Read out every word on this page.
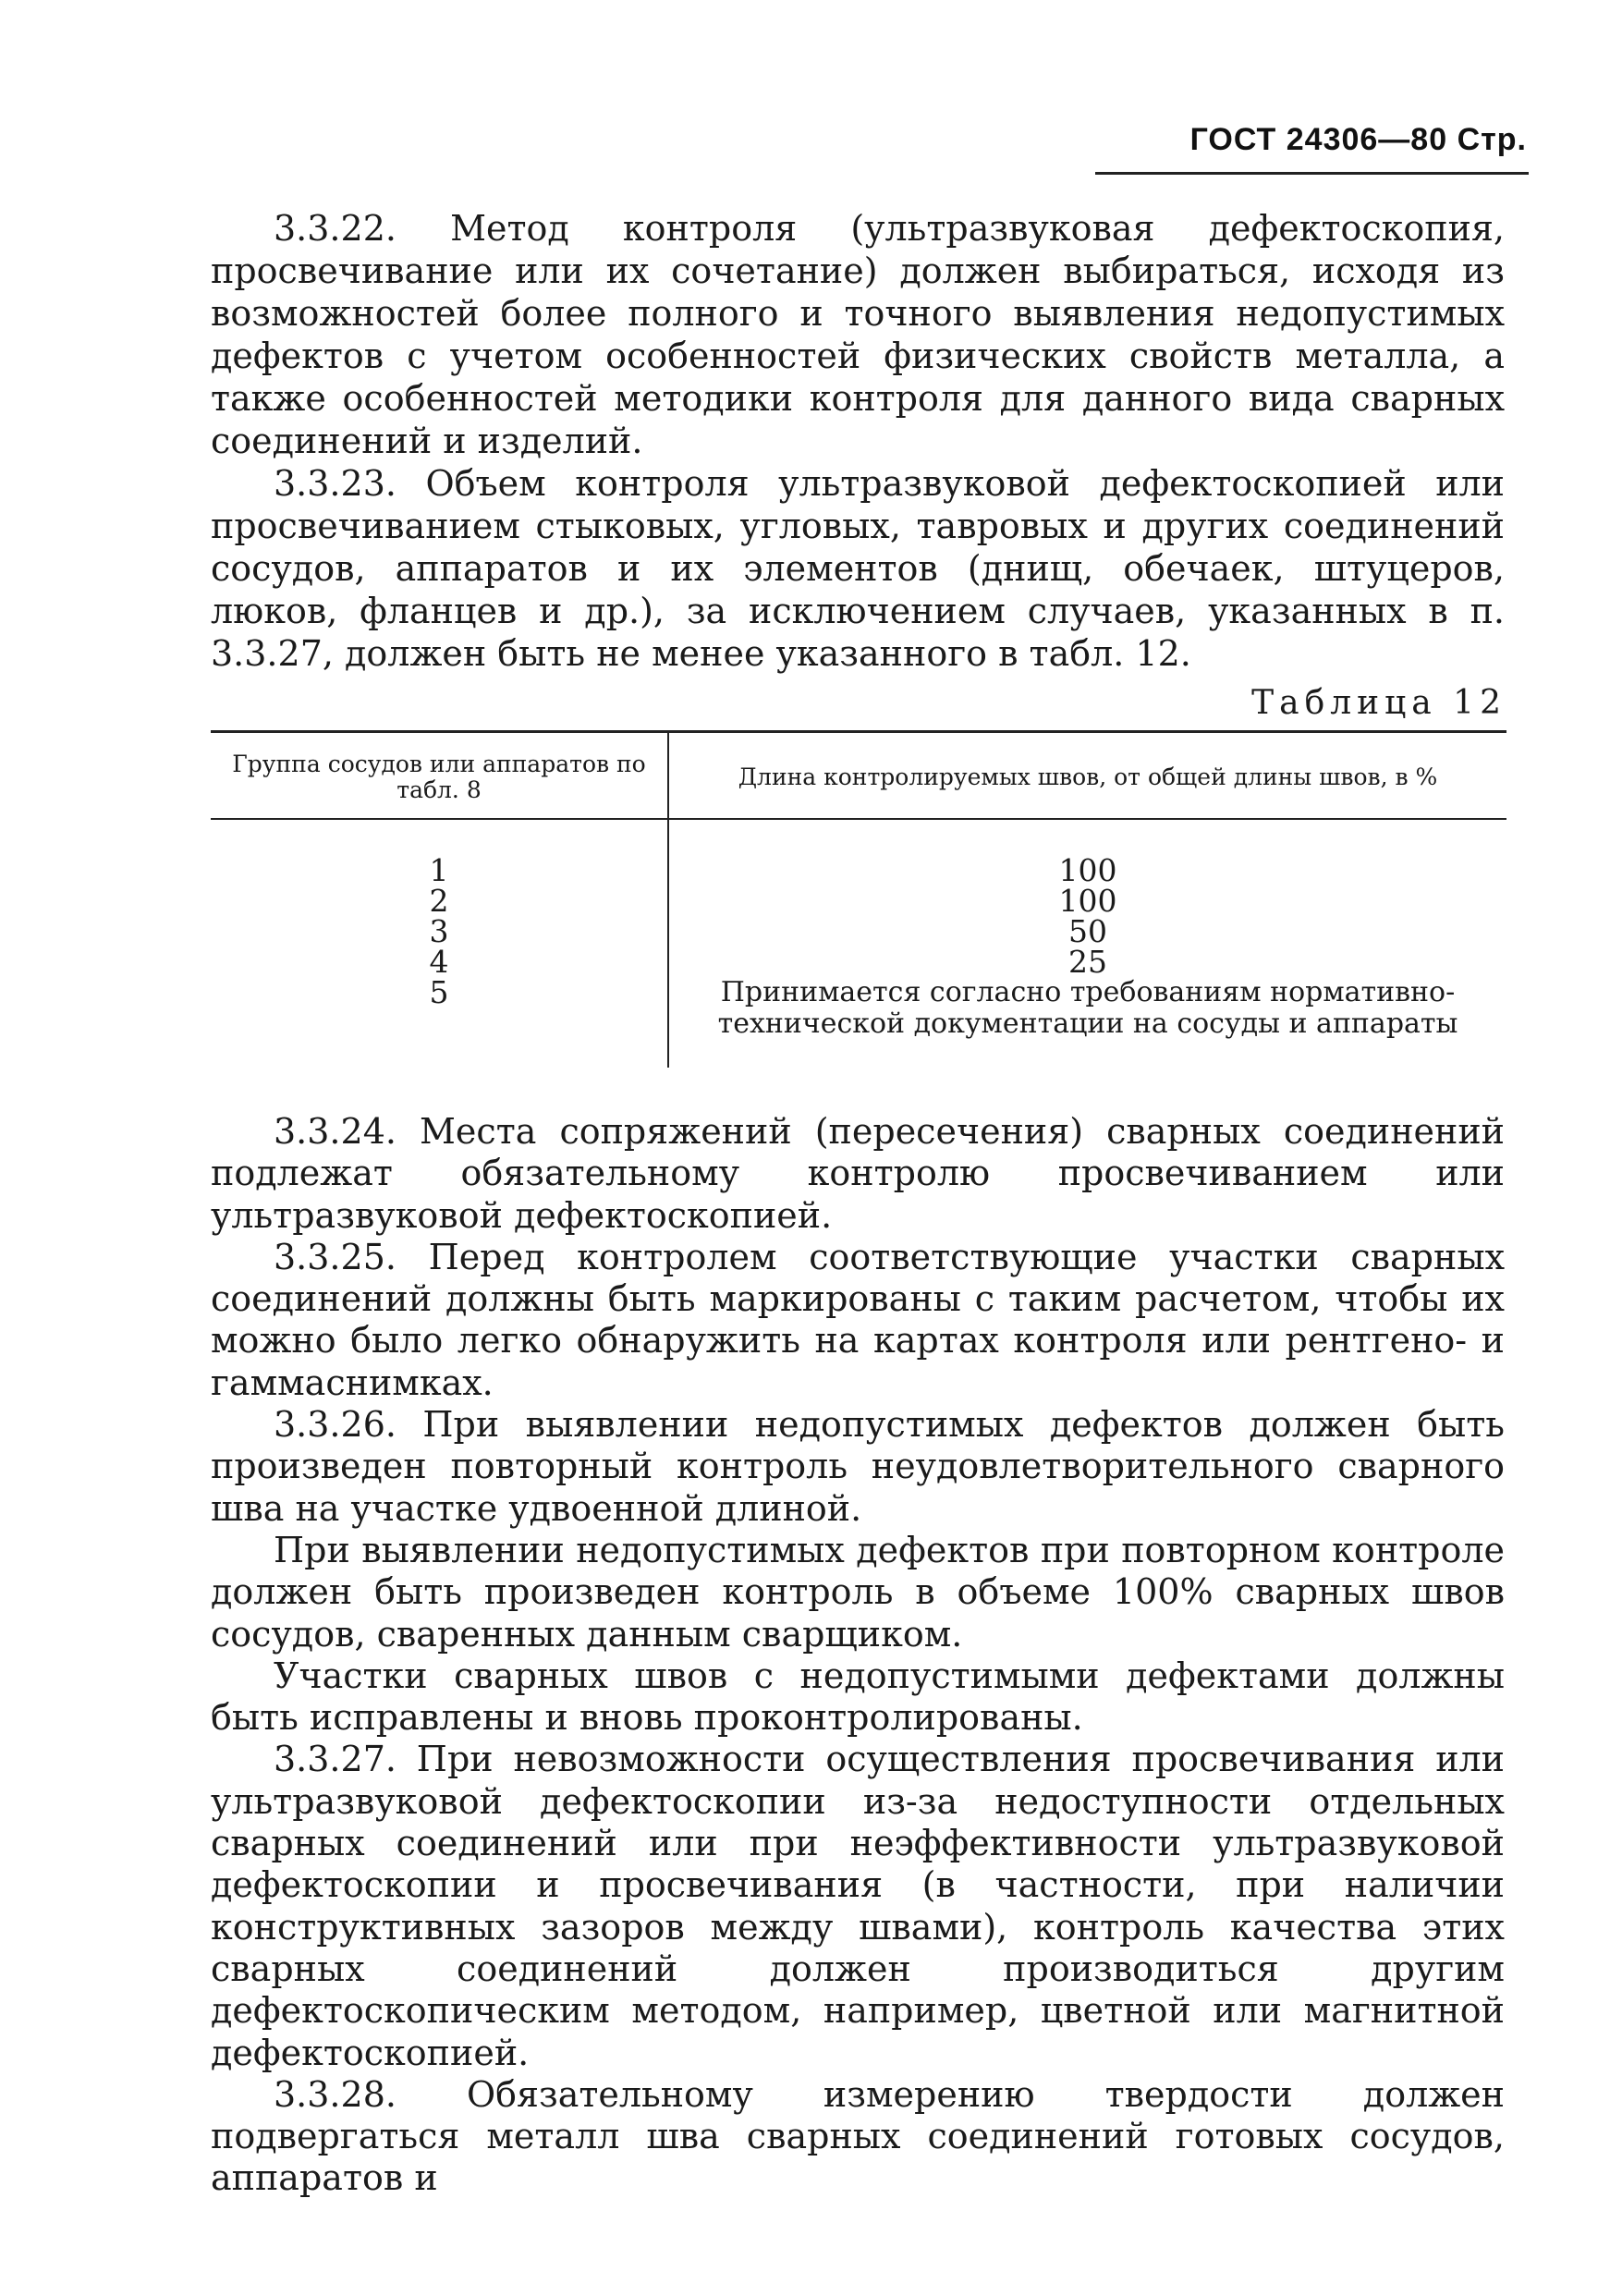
ГОСТ 24306—80 Стр.

3.3.22. Метод контроля (ультразвуковая дефектоскопия, просвечивание или их сочетание) должен выбираться, исходя из возможностей более полного и точного выявления недопустимых дефектов с учетом особенностей физических свойств металла, а также особенностей методики контроля для данного вида сварных соединений и изделий.

3.3.23. Объем контроля ультразвуковой дефектоскопией или просвечиванием стыковых, угловых, тавровых и других соединений сосудов, аппаратов и их элементов (днищ, обечаек, штуцеров, люков, фланцев и др.), за исключением случаев, указанных в п. 3.3.27, должен быть не менее указанного в табл. 12.

Таблица 12
Группа сосудов или аппаратов по табл. 8	Длина контролируемых швов, от общей длины швов, в %
1	100
2	100
3	50
4	25
5	Принимается согласно требованиям нормативно-технической документации на сосуды и аппараты

3.3.24. Места сопряжений (пересечения) сварных соединений подлежат обязательному контролю просвечиванием или ультразвуковой дефектоскопией.

3.3.25. Перед контролем соответствующие участки сварных соединений должны быть маркированы с таким расчетом, чтобы их можно было легко обнаружить на картах контроля или рентгено- и гаммаснимках.

3.3.26. При выявлении недопустимых дефектов должен быть произведен повторный контроль неудовлетворительного сварного шва на участке удвоенной длиной.

При выявлении недопустимых дефектов при повторном контроле должен быть произведен контроль в объеме 100% сварных швов сосудов, сваренных данным сварщиком.

Участки сварных швов с недопустимыми дефектами должны быть исправлены и вновь проконтролированы.

3.3.27. При невозможности осуществления просвечивания или ультразвуковой дефектоскопии из-за недоступности отдельных сварных соединений или при неэффективности ультразвуковой дефектоскопии и просвечивания (в частности, при наличии конструктивных зазоров между швами), контроль качества этих сварных соединений должен производиться другим дефектоскопическим методом, например, цветной или магнитной дефектоскопией.

3.3.28. Обязательному измерению твердости должен подвергаться металл шва сварных соединений готовых сосудов, аппаратов и
